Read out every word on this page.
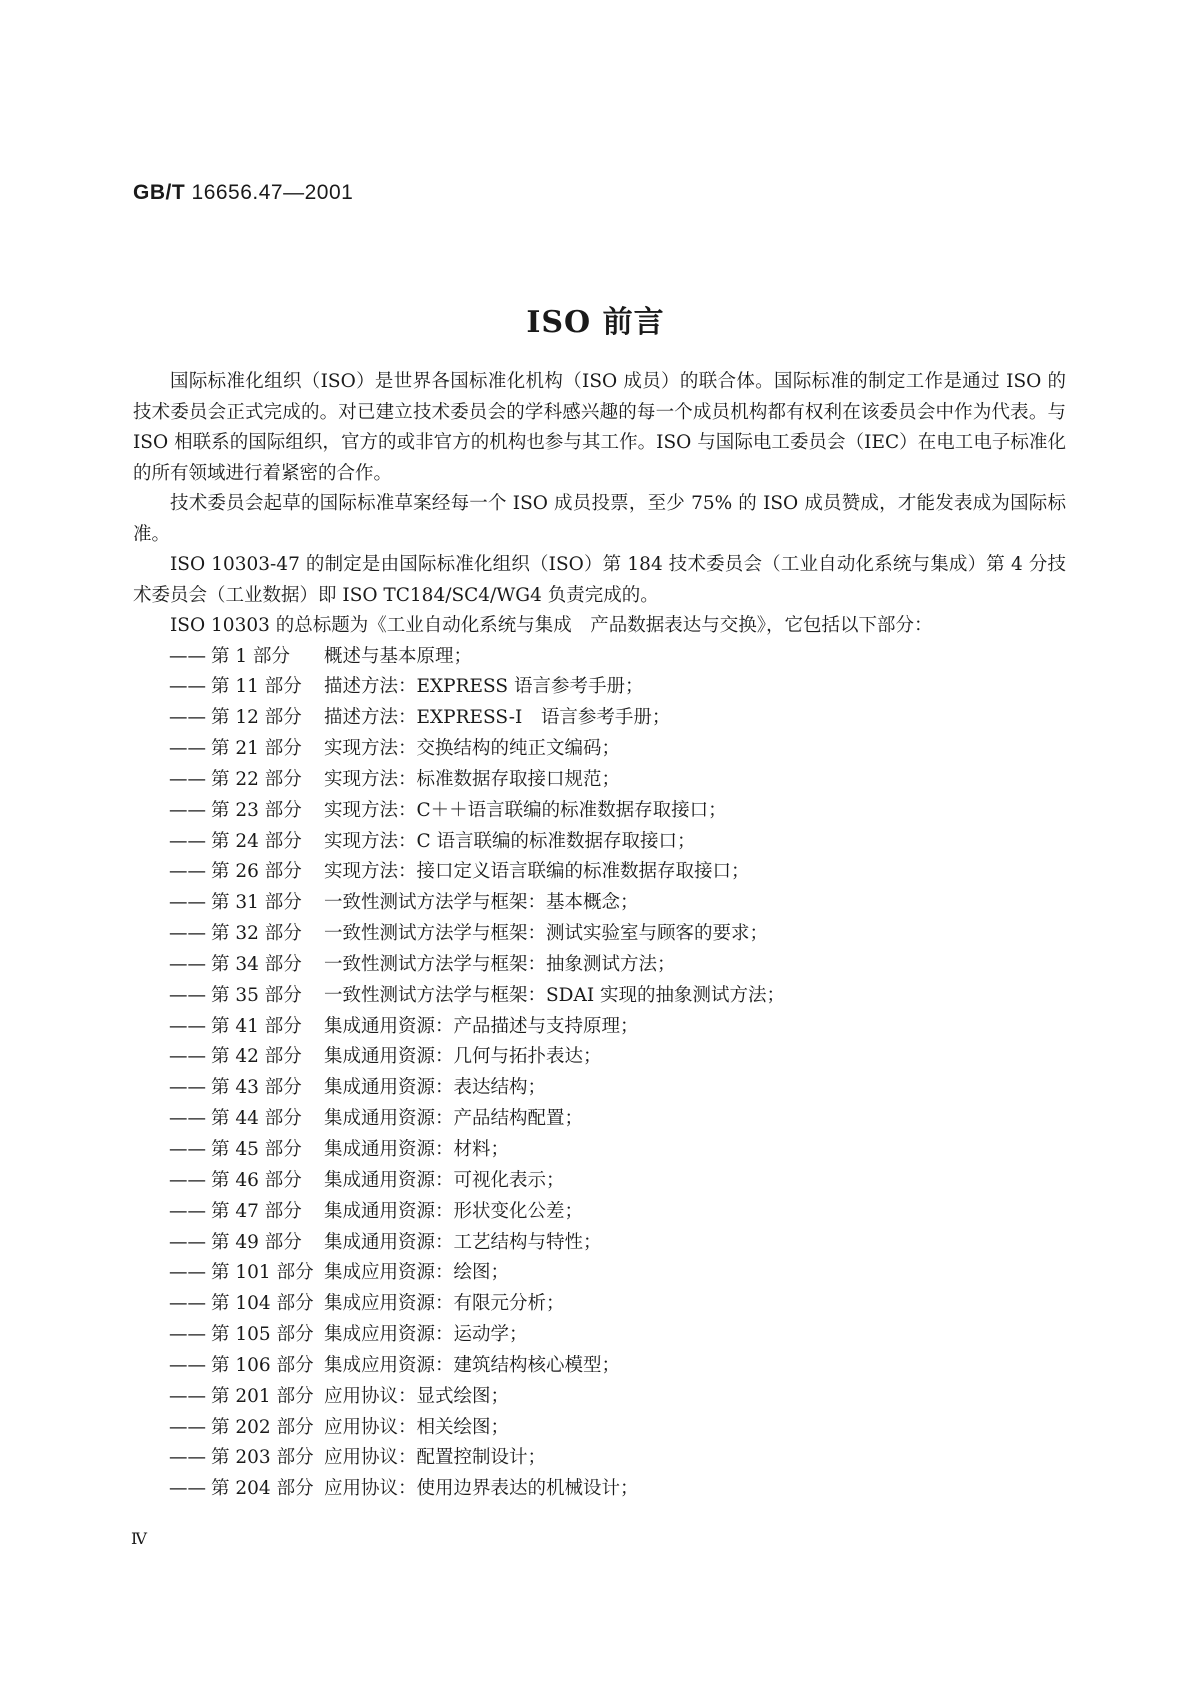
GB/T 16656.47—2001
ISO 前言

国际标准化组织（ISO）是世界各国标准化机构（ISO 成员）的联合体。国际标准的制定工作是通过 ISO 的技术委员会正式完成的。对已建立技术委员会的学科感兴趣的每一个成员机构都有权利在该委员会中作为代表。与 ISO 相联系的国际组织，官方的或非官方的机构也参与其工作。ISO 与国际电工委员会（IEC）在电工电子标准化的所有领域进行着紧密的合作。

技术委员会起草的国际标准草案经每一个 ISO 成员投票，至少 75% 的 ISO 成员赞成，才能发表成为国际标准。

ISO 10303-47 的制定是由国际标准化组织（ISO）第 184 技术委员会（工业自动化系统与集成）第 4 分技术委员会（工业数据）即 ISO TC184/SC4/WG4 负责完成的。

ISO 10303 的总标题为《工业自动化系统与集成　产品数据表达与交换》，它包括以下部分：

—— 第 1 部分 概述与基本原理；
—— 第 11 部分 描述方法：EXPRESS 语言参考手册；
—— 第 12 部分 描述方法：EXPRESS-I　语言参考手册；
—— 第 21 部分 实现方法：交换结构的纯正文编码；
—— 第 22 部分 实现方法：标准数据存取接口规范；
—— 第 23 部分 实现方法：C＋＋语言联编的标准数据存取接口；
—— 第 24 部分 实现方法：C 语言联编的标准数据存取接口；
—— 第 26 部分 实现方法：接口定义语言联编的标准数据存取接口；
—— 第 31 部分 一致性测试方法学与框架：基本概念；
—— 第 32 部分 一致性测试方法学与框架：测试实验室与顾客的要求；
—— 第 34 部分 一致性测试方法学与框架：抽象测试方法；
—— 第 35 部分 一致性测试方法学与框架：SDAI 实现的抽象测试方法；
—— 第 41 部分 集成通用资源：产品描述与支持原理；
—— 第 42 部分 集成通用资源：几何与拓扑表达；
—— 第 43 部分 集成通用资源：表达结构；
—— 第 44 部分 集成通用资源：产品结构配置；
—— 第 45 部分 集成通用资源：材料；
—— 第 46 部分 集成通用资源：可视化表示；
—— 第 47 部分 集成通用资源：形状变化公差；
—— 第 49 部分 集成通用资源：工艺结构与特性；
—— 第 101 部分 集成应用资源：绘图；
—— 第 104 部分 集成应用资源：有限元分析；
—— 第 105 部分 集成应用资源：运动学；
—— 第 106 部分 集成应用资源：建筑结构核心模型；
—— 第 201 部分 应用协议：显式绘图；
—— 第 202 部分 应用协议：相关绘图；
—— 第 203 部分 应用协议：配置控制设计；
—— 第 204 部分 应用协议：使用边界表达的机械设计；
Ⅳ
